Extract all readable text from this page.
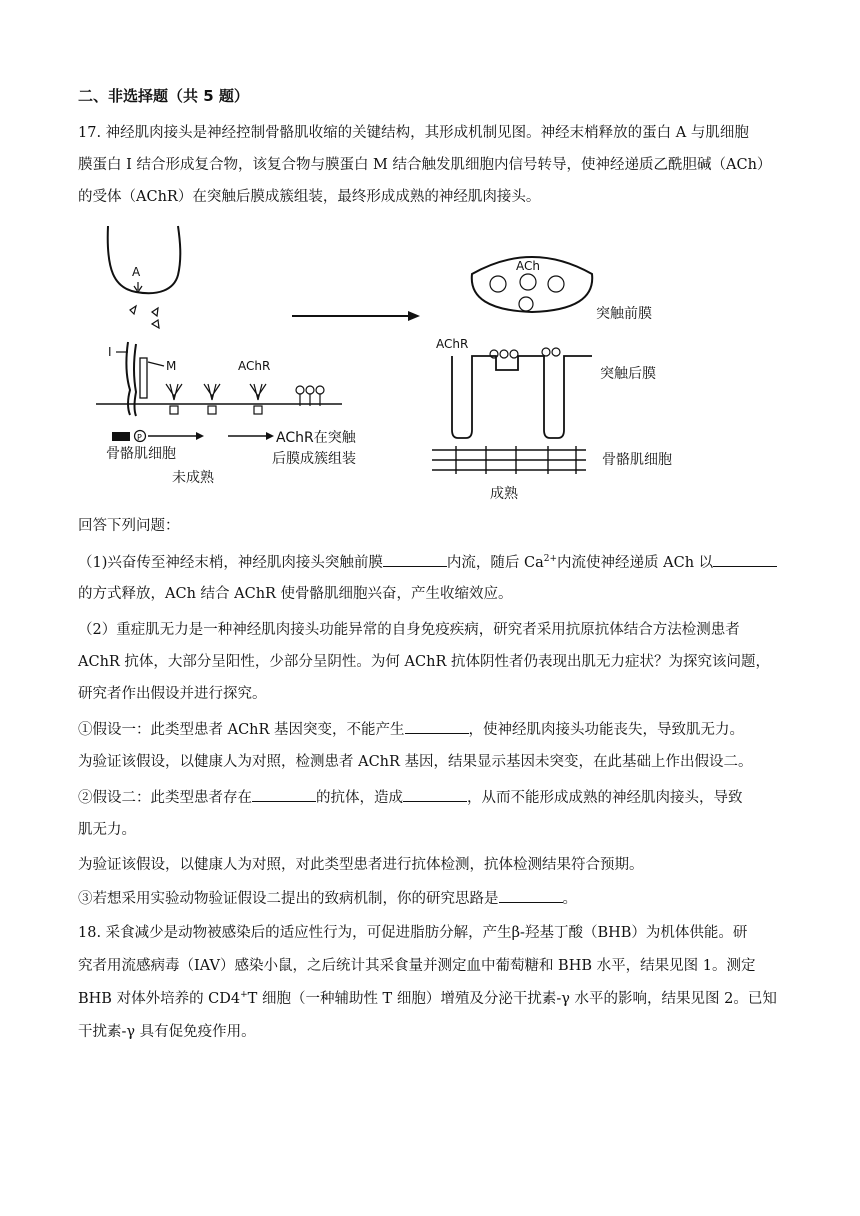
二、非选择题（共 5 题）
17. 神经肌肉接头是神经控制骨骼肌收缩的关键结构，其形成机制见图。神经末梢释放的蛋白 A 与肌细胞
膜蛋白 I 结合形成复合物，该复合物与膜蛋白 M 结合触发肌细胞内信号转导，使神经递质乙酰胆碱（ACh）
的受体（AChR）在突触后膜成簇组装，最终形成成熟的神经肌肉接头。
A
I
M	AChR
P	AChR在突触
后膜成簇组装
骨骼肌细胞
未成熟
ACh
突触前膜
AChR
突触后膜
骨骼肌细胞
成熟
回答下列问题：
（1)兴奋传至神经末梢，神经肌肉接头突触前膜	内流，随后 $Ca^{2+}$内流使神经递质 ACh 以
的方式释放，ACh 结合 AChR 使骨骼肌细胞兴奋，产生收缩效应。
（2）重症肌无力是一种神经肌肉接头功能异常的自身免疫疾病，研究者采用抗原抗体结合方法检测患者
AChR 抗体，大部分呈阳性，少部分呈阴性。为何 AChR 抗体阴性者仍表现出肌无力症状？为探究该问题，
研究者作出假设并进行探究。
①假设一：此类型患者 AChR 基因突变，不能产生	，使神经肌肉接头功能丧失，导致肌无力。
为验证该假设，以健康人为对照，检测患者 AChR 基因，结果显示基因未突变，在此基础上作出假设二。
②假设二：此类型患者存在	的抗体，造成	，从而不能形成成熟的神经肌肉接头，导致
肌无力。
为验证该假设，以健康人为对照，对此类型患者进行抗体检测，抗体检测结果符合预期。
③若想采用实验动物验证假设二提出的致病机制，你的研究思路是	。
18. 采食减少是动物被感染后的适应性行为，可促进脂肪分解，产生β-羟基丁酸（BHB）为机体供能。研
究者用流感病毒（IAV）感染小鼠，之后统计其采食量并测定血中葡萄糖和 BHB 水平，结果见图 1。测定
BHB 对体外培养的 CD4+T 细胞（一种辅助性 T 细胞）增殖及分泌干扰素-γ 水平的影响，结果见图 2。已知
干扰素-γ 具有促免疫作用。
